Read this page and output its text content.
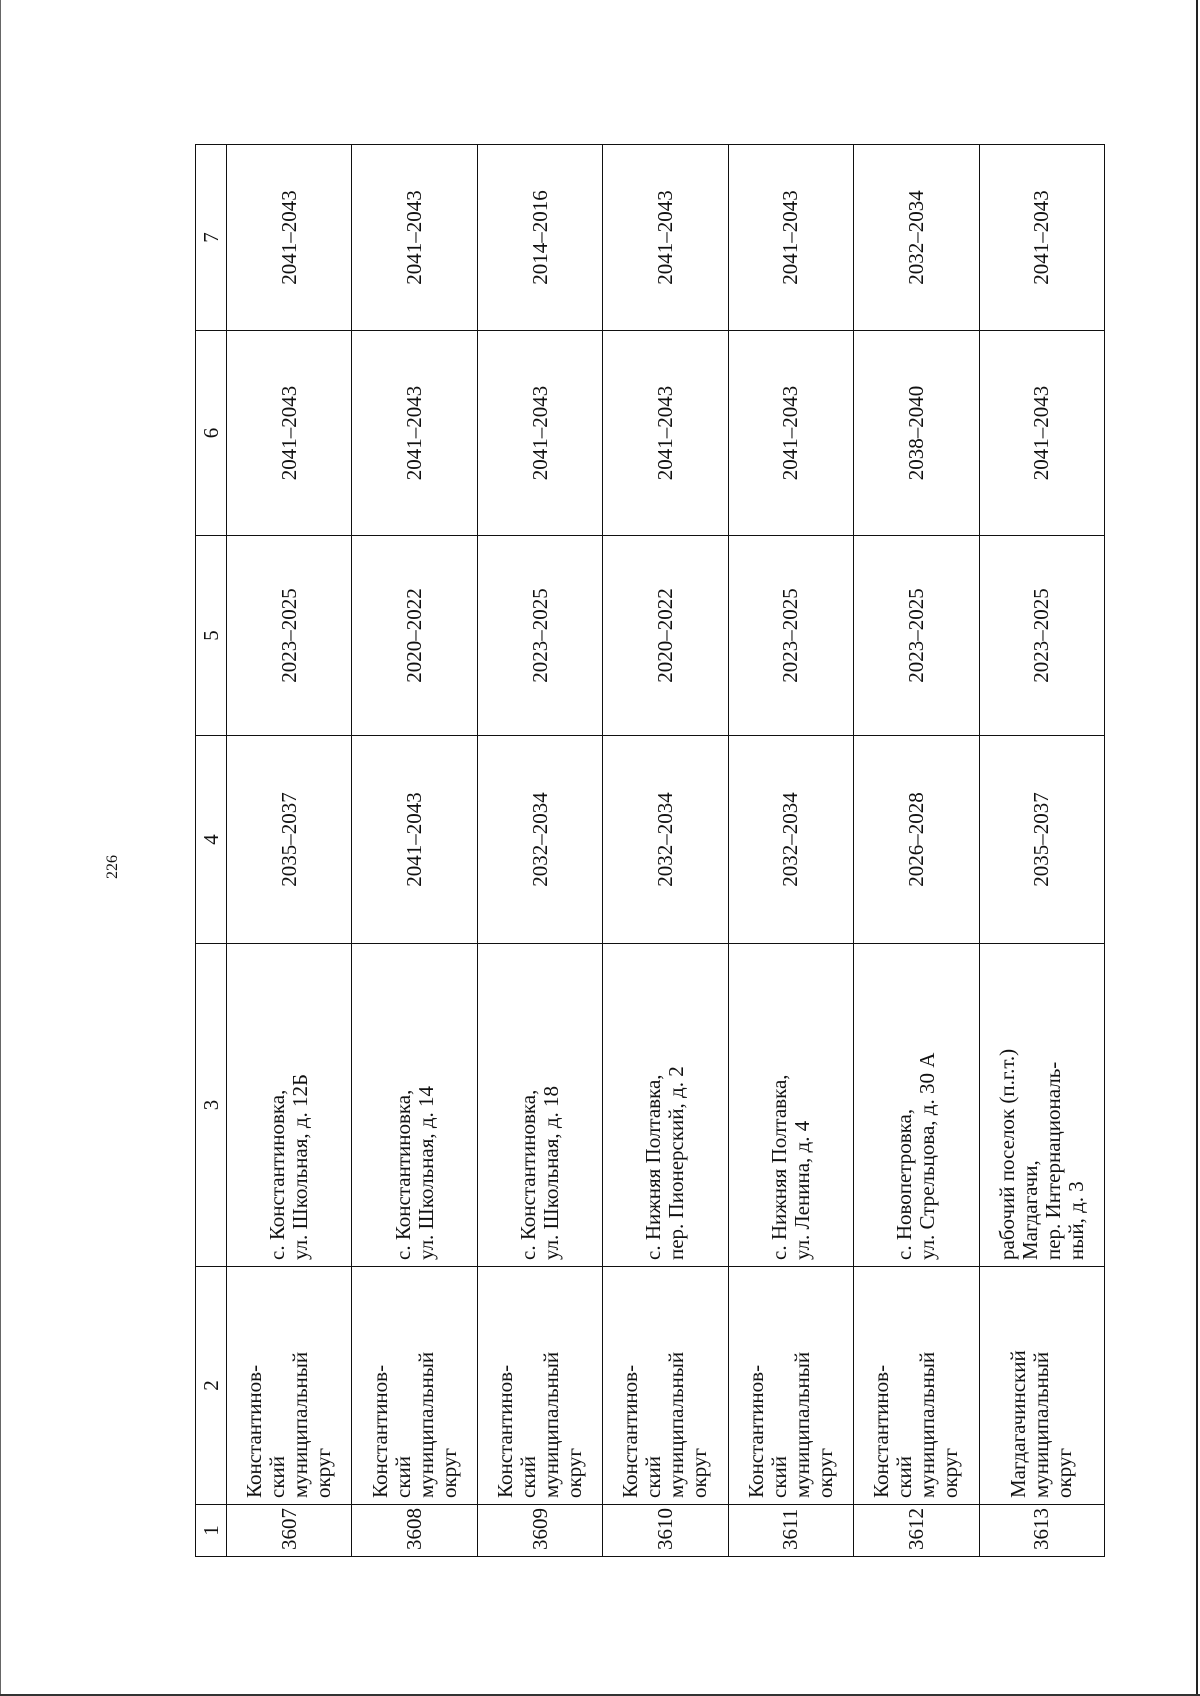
226
1	2	3	4	5	6	7
3607	Константинов-
ский
муниципальный
округ	с. Константиновка,
ул. Школьная, д. 12Б	2035–2037	2023–2025	2041–2043	2041–2043
3608	Константинов-
ский
муниципальный
округ	с. Константиновка,
ул. Школьная, д. 14	2041–2043	2020–2022	2041–2043	2041–2043
3609	Константинов-
ский
муниципальный
округ	с. Константиновка,
ул. Школьная, д. 18	2032–2034	2023–2025	2041–2043	2014–2016
3610	Константинов-
ский
муниципальный
округ	с. Нижняя Полтавка,
пер. Пионерский, д. 2	2032–2034	2020–2022	2041–2043	2041–2043
3611	Константинов-
ский
муниципальный
округ	с. Нижняя Полтавка,
ул. Ленина, д. 4	2032–2034	2023–2025	2041–2043	2041–2043
3612	Константинов-
ский
муниципальный
округ	с. Новопетровка,
ул. Стрельцова, д. 30 А	2026–2028	2023–2025	2038–2040	2032–2034
3613	Магдагачинский
муниципальный
округ	рабочий поселок (п.г.т.)
Магдагачи,
пер. Интернациональ-
ный, д. 3	2035–2037	2023–2025	2041–2043	2041–2043
